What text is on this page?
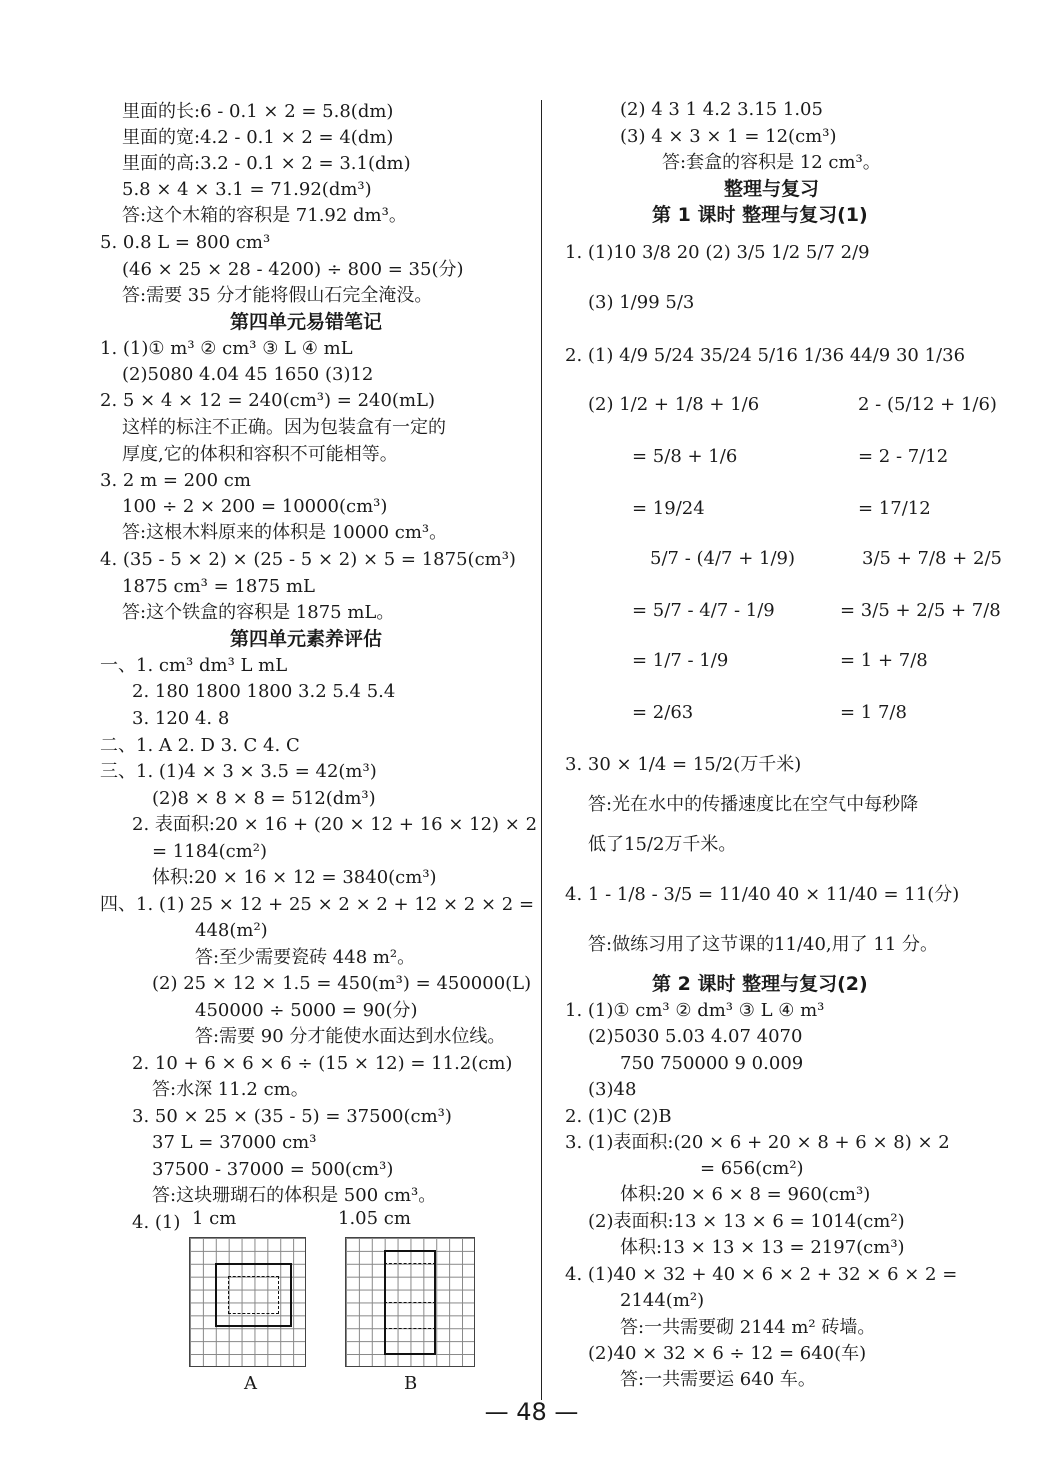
里面的长:6 - 0.1 × 2 = 5.8(dm)
里面的宽:4.2 - 0.1 × 2 = 4(dm)
里面的高:3.2 - 0.1 × 2 = 3.1(dm)
5.8 × 4 × 3.1 = 71.92(dm³)
答:这个木箱的容积是 71.92 dm³。
5. 0.8 L = 800 cm³
(46 × 25 × 28 - 4200) ÷ 800 = 35(分)
答:需要 35 分才能将假山石完全淹没。
1. (1)① m³ ② cm³ ③ L ④ mL
(2)5080 4.04 45 1650 (3)12
2. 5 × 4 × 12 = 240(cm³) = 240(mL)
这样的标注不正确。因为包装盒有一定的
厚度,它的体积和容积不可能相等。
3. 2 m = 200 cm
100 ÷ 2 × 200 = 10000(cm³)
答:这根木料原来的体积是 10000 cm³。
4. (35 - 5 × 2) × (25 - 5 × 2) × 5 = 1875(cm³)
1875 cm³ = 1875 mL
答:这个铁盒的容积是 1875 mL。
一、1. cm³ dm³ L mL
2. 180 1800 1800 3.2 5.4 5.4
3. 120 4. 8
二、1. A 2. D 3. C 4. C
三、1. (1)4 × 3 × 3.5 = 42(m³)
(2)8 × 8 × 8 = 512(dm³)
2. 表面积:20 × 16 + (20 × 12 + 16 × 12) × 2
= 1184(cm²)
体积:20 × 16 × 12 = 3840(cm³)
四、1. (1) 25 × 12 + 25 × 2 × 2 + 12 × 2 × 2 =
448(m²)
答:至少需要瓷砖 448 m²。
(2) 25 × 12 × 1.5 = 450(m³) = 450000(L)
450000 ÷ 5000 = 90(分)
答:需要 90 分才能使水面达到水位线。
2. 10 + 6 × 6 × 6 ÷ (15 × 12) = 11.2(cm)
答:水深 11.2 cm。
3. 50 × 25 × (35 - 5) = 37500(cm³)
37 L = 37000 cm³
37500 - 37000 = 500(cm³)
答:这块珊瑚石的体积是 500 cm³。
4. (1)
第四单元易错笔记
第四单元素养评估
(2) 4 3 1 4.2 3.15 1.05
(3) 4 × 3 × 1 = 12(cm³)
答:套盒的容积是 12 cm³。
1. (1)10 3/8 20 (2) 3/5 1/2 5/7 2/9
(3) 1/99 5/3
2. (1) 4/9 5/24 35/24 5/16 1/36 44/9 30 1/36
(2) 1/2 + 1/8 + 1/6	2 - (5/12 + 1/6)
= 5/8 + 1/6	= 2 - 7/12
= 19/24	= 17/12
5/7 - (4/7 + 1/9)	3/5 + 7/8 + 2/5
= 5/7 - 4/7 - 1/9	= 3/5 + 2/5 + 7/8
= 1/7 - 1/9	= 1 + 7/8
= 2/63	= 1 7/8
3. 30 × 1/4 = 15/2(万千米)
答:光在水中的传播速度比在空气中每秒降
低了15/2万千米。
4. 1 - 1/8 - 3/5 = 11/40 40 × 11/40 = 11(分)
答:做练习用了这节课的11/40,用了 11 分。
1. (1)① cm³ ② dm³ ③ L ④ m³
(2)5030 5.03 4.07 4070
750 750000 9 0.009
(3)48
2. (1)C (2)B
3. (1)表面积:(20 × 6 + 20 × 8 + 6 × 8) × 2
= 656(cm²)
体积:20 × 6 × 8 = 960(cm³)
(2)表面积:13 × 13 × 6 = 1014(cm²)
体积:13 × 13 × 13 = 2197(cm³)
4. (1)40 × 32 + 40 × 6 × 2 + 32 × 6 × 2 =
2144(m²)
答:一共需要砌 2144 m² 砖墙。
(2)40 × 32 × 6 ÷ 12 = 640(车)
答:一共需要运 640 车。
整理与复习
第 1 课时 整理与复习(1)
第 2 课时 整理与复习(2)
1 cm	1.05 cm
A	B
— 48 —
